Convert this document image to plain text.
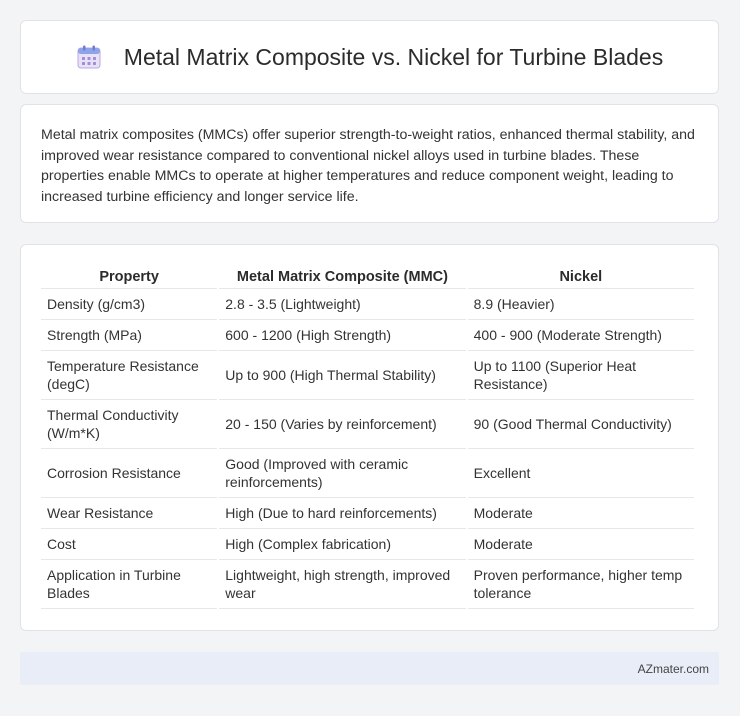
Metal Matrix Composite vs. Nickel for Turbine Blades

Metal matrix composites (MMCs) offer superior strength-to-weight ratios, enhanced thermal stability, and improved wear resistance compared to conventional nickel alloys used in turbine blades. These properties enable MMCs to operate at higher temperatures and reduce component weight, leading to increased turbine efficiency and longer service life.

Property	Metal Matrix Composite (MMC)	Nickel
Density (g/cm3)	2.8 - 3.5 (Lightweight)	8.9 (Heavier)
Strength (MPa)	600 - 1200 (High Strength)	400 - 900 (Moderate Strength)
Temperature Resistance (degC)	Up to 900 (High Thermal Stability)	Up to 1100 (Superior Heat Resistance)
Thermal Conductivity (W/m*K)	20 - 150 (Varies by reinforcement)	90 (Good Thermal Conductivity)
Corrosion Resistance	Good (Improved with ceramic reinforcements)	Excellent
Wear Resistance	High (Due to hard reinforcements)	Moderate
Cost	High (Complex fabrication)	Moderate
Application in Turbine Blades	Lightweight, high strength, improved wear	Proven performance, higher temp tolerance
AZmater.com
